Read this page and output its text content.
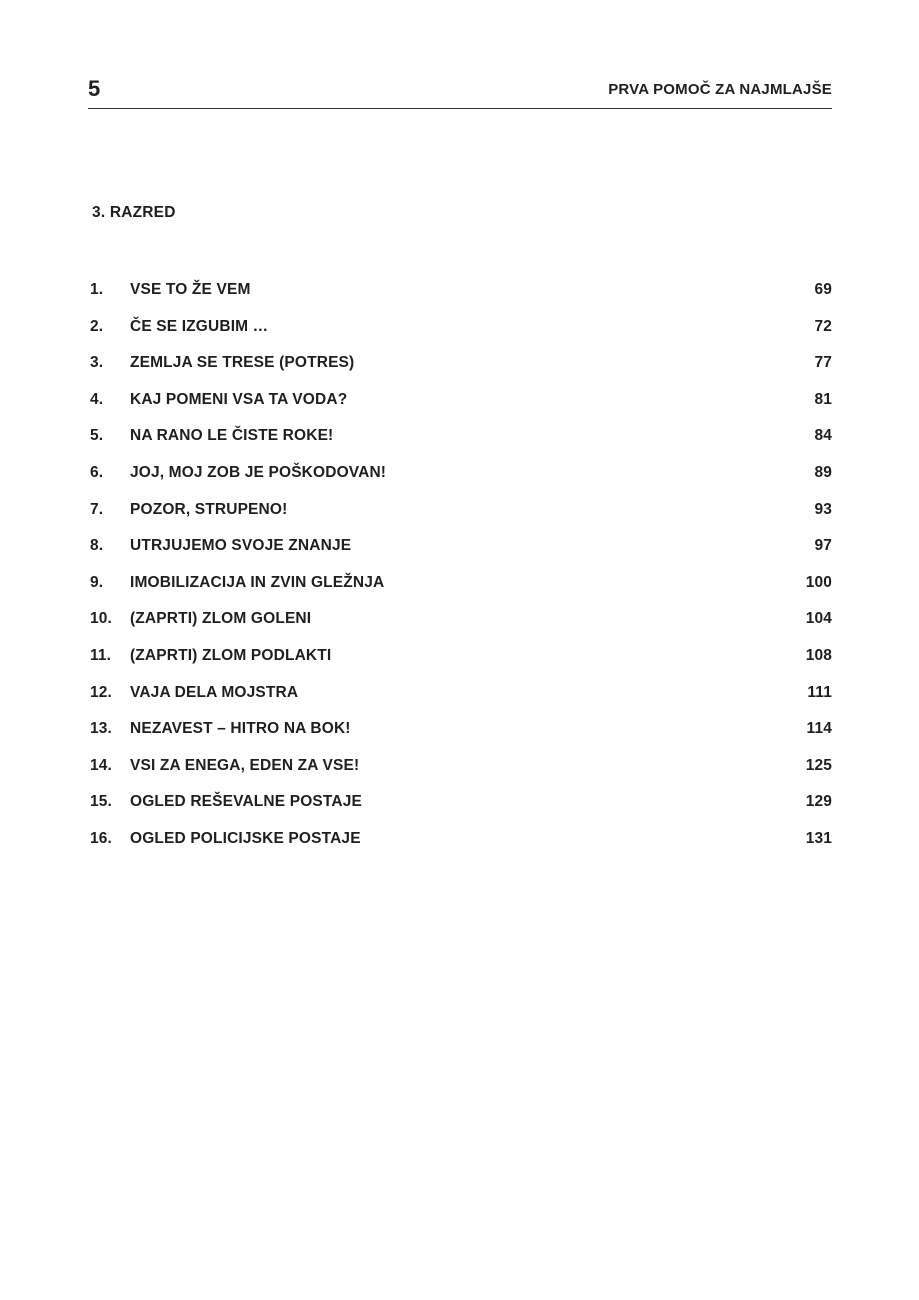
5	PRVA POMOČ ZA NAJMLAJŠE
3. RAZRED
1.	VSE TO ŽE VEM	69
2.	ČE SE IZGUBIM …	72
3.	ZEMLJA SE TRESE (POTRES)	77
4.	KAJ POMENI VSA TA VODA?	81
5.	NA RANO LE ČISTE ROKE!	84
6.	JOJ, MOJ ZOB JE POŠKODOVAN!	89
7.	POZOR, STRUPENO!	93
8.	UTRJUJEMO SVOJE ZNANJE	97
9.	IMOBILIZACIJA IN ZVIN GLEŽNJA	100
10.	(ZAPRTI) ZLOM GOLENI	104
11.	(ZAPRTI) ZLOM PODLAKTI	108
12.	VAJA DELA MOJSTRA	111
13.	NEZAVEST – HITRO NA BOK!	114
14.	VSI ZA ENEGA, EDEN ZA VSE!	125
15.	OGLED REŠEVALNE POSTAJE	129
16.	OGLED POLICIJSKE POSTAJE	131
